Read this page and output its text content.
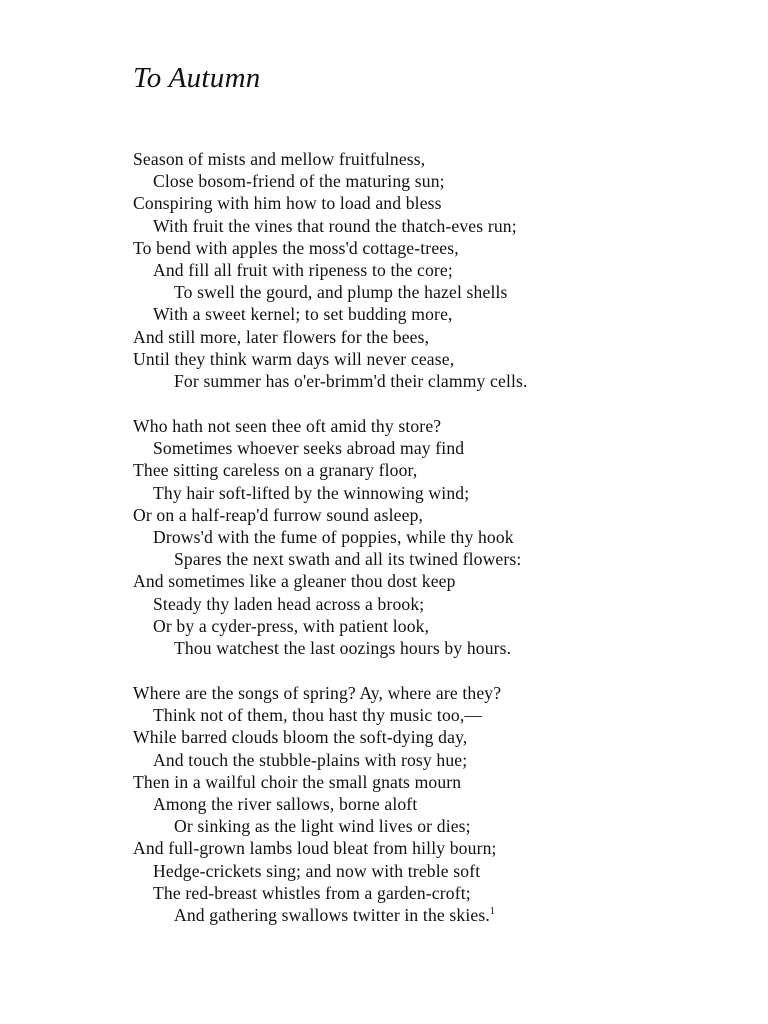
To Autumn
Season of mists and mellow fruitfulness,
Close bosom-friend of the maturing sun;
Conspiring with him how to load and bless
With fruit the vines that round the thatch-eves run;
To bend with apples the moss'd cottage-trees,
And fill all fruit with ripeness to the core;
To swell the gourd, and plump the hazel shells
With a sweet kernel; to set budding more,
And still more, later flowers for the bees,
Until they think warm days will never cease,
For summer has o'er-brimm'd their clammy cells.
Who hath not seen thee oft amid thy store?
Sometimes whoever seeks abroad may find
Thee sitting careless on a granary floor,
Thy hair soft-lifted by the winnowing wind;
Or on a half-reap'd furrow sound asleep,
Drows'd with the fume of poppies, while thy hook
Spares the next swath and all its twined flowers:
And sometimes like a gleaner thou dost keep
Steady thy laden head across a brook;
Or by a cyder-press, with patient look,
Thou watchest the last oozings hours by hours.
Where are the songs of spring? Ay, where are they?
Think not of them, thou hast thy music too,—
While barred clouds bloom the soft-dying day,
And touch the stubble-plains with rosy hue;
Then in a wailful choir the small gnats mourn
Among the river sallows, borne aloft
Or sinking as the light wind lives or dies;
And full-grown lambs loud bleat from hilly bourn;
Hedge-crickets sing; and now with treble soft
The red-breast whistles from a garden-croft;
And gathering swallows twitter in the skies.$^1$
